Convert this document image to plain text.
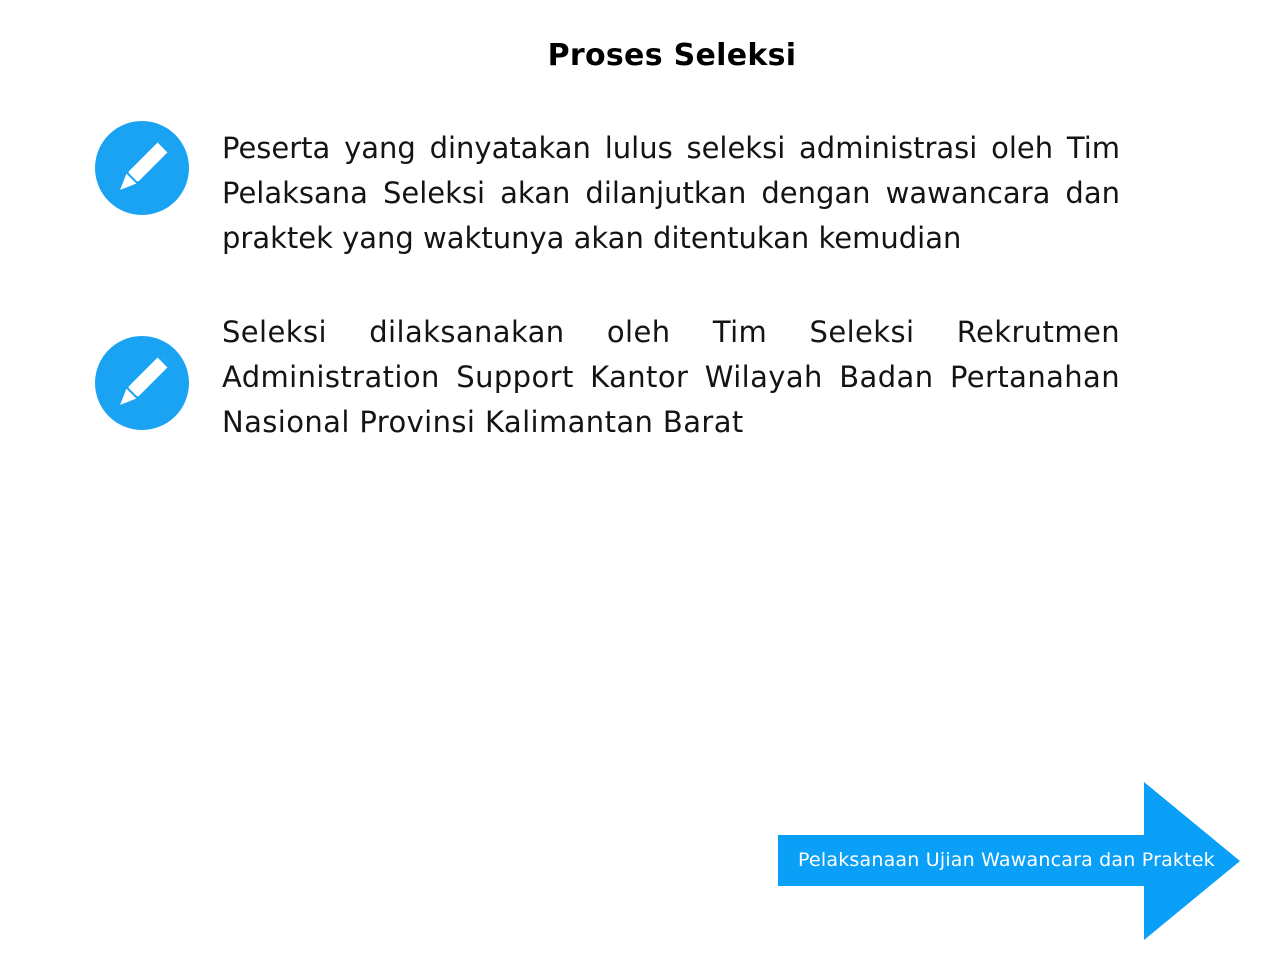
Proses Seleksi

Peserta yang dinyatakan lulus seleksi administrasi oleh Tim Pelaksana Seleksi akan dilanjutkan dengan wawancara dan praktek yang waktunya akan ditentukan kemudian

Seleksi dilaksanakan oleh Tim Seleksi Rekrutmen Administration Support Kantor Wilayah Badan Pertanahan Nasional Provinsi Kalimantan Barat

Pelaksanaan Ujian Wawancara dan Praktek
